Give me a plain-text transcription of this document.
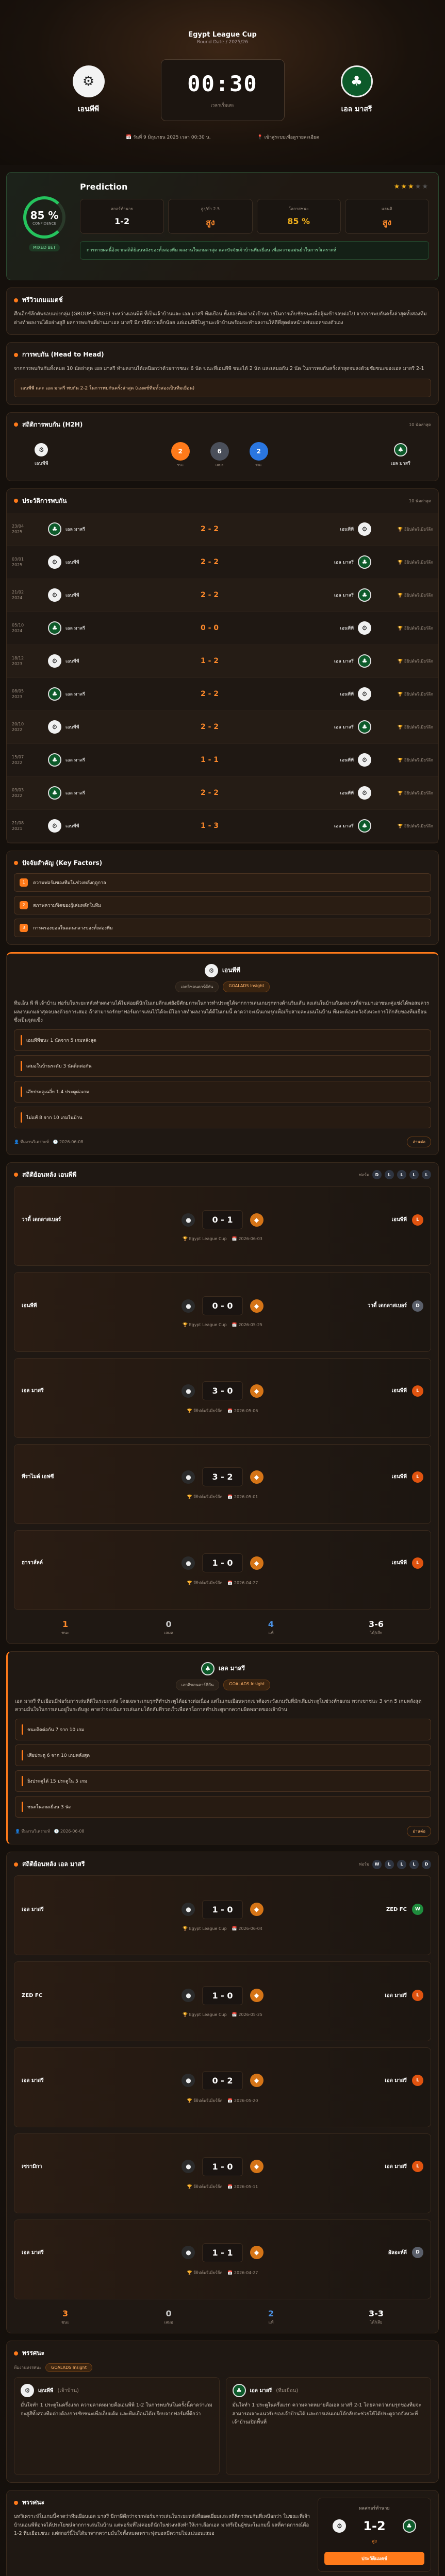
Egypt League Cup
Round Date / 2025/26
⚙
เอนพีพี
00:30
เวลาเริ่มเตะ
♣
เอล มาสรี
📅 วันที่ 9 มิถุนายน 2025 เวลา 00:30 น.	📍 เข้าสู่ระบบเพื่อดูรายละเอียด
85 %
CONFIDENCE
MIXED BET
Prediction	★★★★★
สกอร์ทำนาย
1-2
สูง/ต่ำ 2.5
สูง
โอกาสชนะ
85 %
แฮนดิ
สูง
การทายผลนี้อิงจากสถิติย้อนหลังของทั้งสองทีม ผลงานในเกมล่าสุด และปัจจัยเจ้าบ้านทีมเยือน เพื่อความแม่นยำในการวิเคราะห์
พรีวิวเกมแมตช์

ศึกเอ็กซ์ลีกคัพรอบแบ่งกลุ่ม (GROUP STAGE) ระหว่างเอนพีพี ที่เป็นเจ้าบ้านและ เอล มาสรี ทีมเยือน ทั้งสองทีมต่างมีเป้าหมายในการเก็บชัยชนะเพื่อลุ้นเข้ารอบต่อไป จากการพบกันครั้งล่าสุดทั้งสองทีมต่างทำผลงานได้อย่างสูสี ผลการพบกันที่ผ่านมาเอล มาสรี มีภาษีดีกว่าเล็กน้อย แต่เอนพีพีในฐานะเจ้าบ้านพร้อมจะทำผลงานให้ดีที่สุดต่อหน้าแฟนบอลของตัวเอง

การพบกัน (Head to Head)

จากการพบกันกันทั้งหมด 10 นัดล่าสุด เอล มาสรี ทำผลงานได้เหนือกว่าด้วยการชนะ 6 นัด ขณะที่เอนพีพี ชนะได้ 2 นัด และเสมอกัน 2 นัด ในการพบกันครั้งล่าสุดจบลงด้วยชัยชนะของเอล มาสรี 2-1

เอนพีพี และ เอล มาสรี พบกัน 2-2 ในการพบกันครั้งล่าสุด (แมตช์ทีมทั้งสองเป็นทีมเยือน)
สถิติการพบกัน (H2H)	10 นัดล่าสุด
⚙
เอนพีพี
2
ชนะ
6
เสมอ
2
ชนะ
♣
เอล มาสรี
ประวัติการพบกัน	10 นัดล่าสุด
23/04
2025	♣	เอล มาสรี	2 - 2	เอนพีพี	⚙	🏆 อียิปต์พรีเมียร์ลีก
03/01
2025	⚙	เอนพีพี	2 - 2	เอล มาสรี	♣	🏆 อียิปต์พรีเมียร์ลีก
21/02
2024	⚙	เอนพีพี	2 - 2	เอล มาสรี	♣	🏆 อียิปต์พรีเมียร์ลีก
05/10
2024	♣	เอล มาสรี	0 - 0	เอนพีพี	⚙	🏆 อียิปต์พรีเมียร์ลีก
18/12
2023	⚙	เอนพีพี	1 - 2	เอล มาสรี	♣	🏆 อียิปต์พรีเมียร์ลีก
08/05
2023	♣	เอล มาสรี	2 - 2	เอนพีพี	⚙	🏆 อียิปต์พรีเมียร์ลีก
20/10
2022	⚙	เอนพีพี	2 - 2	เอล มาสรี	♣	🏆 อียิปต์พรีเมียร์ลีก
15/07
2022	♣	เอล มาสรี	1 - 1	เอนพีพี	⚙	🏆 อียิปต์พรีเมียร์ลีก
03/03
2022	♣	เอล มาสรี	2 - 2	เอนพีพี	⚙	🏆 อียิปต์พรีเมียร์ลีก
21/08
2021	⚙	เอนพีพี	1 - 3	เอล มาสรี	♣	🏆 อียิปต์พรีเมียร์ลีก
ปัจจัยสำคัญ (Key Factors)
1	ความฟอร์มของทีมในช่วงหลังฤดูกาล
2	สภาพความฟิตของผู้เล่นหลักในทีม
3	การครองบอลในแดนกลางของทั้งสองทีม
⚙	เอนพีพี
เอกลิซอนคาร์ดีกัน	GOALADS Insight

ทีมเอ็น พี พี เจ้าบ้าน ฟอร์มในระยะหลังทำผลงานได้ไม่ค่อยดีนักในเกมลีกแต่ยังมีศักยภาพในการทำประตูได้จากการเล่นเกมรุกทางด้านริมเส้น ลงเล่นในบ้านกับผลงานที่ผ่านมาเอาชนะคู่แข่งได้พอสมควร ผลงานเกมล่าสุดจบลงด้วยการเสมอ ถ้าสามารถรักษาฟอร์มการเล่นไว้ได้จะมีโอกาสทำผลงานได้ดีในเกมนี้ คาดว่าจะเน้นเกมรุกเพื่อเก็บสามคะแนนในบ้าน ทีมจะต้องระวังจังหวะการโต้กลับของทีมเยือนซึ่งเป็นจุดแข็ง

เอนพีพีชนะ 1 นัดจาก 5 เกมหลังสุด
เสมอในบ้านระดับ 3 นัดติดต่อกัน
เสียประตูเฉลี่ย 1.4 ประตูต่อเกม
ไม่แพ้ 8 จาก 10 เกมในบ้าน
👤 ทีมงานวิเคราะห์   🕒 2026-06-08	อ่านต่อ
สถิติย้อนหลัง เอนพีพี	ฟอร์ม	D	L	L	L	L
วาดี้ เดกลาสเบอร์	●	0 - 1	◆	เอนพีพี	L
🏆 Egypt League Cup    📅 2026-06-03
เอนพีพี	●	0 - 0	◆	วาดี้ เดกลาสเบอร์	D
🏆 Egypt League Cup    📅 2026-05-25
เอล มาสรี	●	3 - 0	◆	เอนพีพี	L
🏆 อียิปต์พรีเมียร์ลีก    📅 2026-05-06
พีราไมด์ เอฟซี	●	3 - 2	◆	เอนพีพี	L
🏆 อียิปต์พรีเมียร์ลีก    📅 2026-05-01
ฮาราส์ลล์	●	1 - 0	◆	เอนพีพี	L
🏆 อียิปต์พรีเมียร์ลีก    📅 2026-04-27
1
ชนะ
0
เสมอ
4
แพ้
3-6
ได้/เสีย
♣	เอล มาสรี
เอกลิซอนคาร์ดีกัน	GOALADS Insight

เอล มาสรี ทีมเยือนมีฟอร์มการเล่นที่ดีในระยะหลัง โดยเฉพาะเกมรุกที่ทำประตูได้อย่างต่อเนื่อง แต่ในเกมเยือนพวกเขาต้องระวังเกมรับที่มักเสียประตูในช่วงท้ายเกม พวกเขาชนะ 3 จาก 5 เกมหลังสุด ความมั่นใจในการเล่นอยู่ในระดับสูง คาดว่าจะเน้นการเล่นเกมโต้กลับที่รวดเร็วเพื่อหาโอกาสทำประตูจากความผิดพลาดของเจ้าบ้าน

ชนะติดต่อกัน 7 จาก 10 เกม
เสียประตู 6 จาก 10 เกมหลังสุด
ยิงประตูได้ 15 ประตูใน 5 เกม
ชนะในเกมเยือน 3 นัด
👤 ทีมงานวิเคราะห์   🕒 2026-06-08	อ่านต่อ
สถิติย้อนหลัง เอล มาสรี	ฟอร์ม	W	L	L	L	D
เอล มาสรี	●	1 - 0	◆	ZED FC	W
🏆 Egypt League Cup    📅 2026-06-04
ZED FC	●	1 - 0	◆	เอล มาสรี	L
🏆 Egypt League Cup    📅 2026-05-25
เอล มาสรี	●	0 - 2	◆	เอล มาสรี	L
🏆 อียิปต์พรีเมียร์ลีก    📅 2026-05-20
เซรามิกา	●	1 - 0	◆	เอล มาสรี	L
🏆 อียิปต์พรีเมียร์ลีก    📅 2026-05-11
เอล มาสรี	●	1 - 1	◆	อัลอะห์ลี	D
🏆 อียิปต์พรีเมียร์ลีก    📅 2026-04-27
3
ชนะ
0
เสมอ
2
แพ้
3-3
ได้/เสีย
ทรรศนะ
ทีมงานทรรศนะ	GOALADS Insight
⚙	เอนพีพี (เจ้าบ้าน)

มั่นใจทำ 1 ประตูในครึ่งแรก ความคาดหมายคือเอนพีพี 1-2 ในการพบกันในครั้งนี้คาดว่าเกมจะสูสีทั้งสองทีมต่างต้องการชัยชนะเพื่อเก็บแต้ม และทีมเยือนได้เปรียบจากฟอร์มที่ดีกว่า

♣	เอล มาสรี (ทีมเยือน)

มั่นใจทำ 1 ประตูในครึ่งแรก ความคาดหมายคือเอล มาสรี 2-1 โดยคาดว่าเกมรุกของทีมจะสามารถเจาะแนวรับของเจ้าบ้านได้ และการเล่นเกมโต้กลับจะช่วยให้ได้ประตูจากจังหวะที่เจ้าบ้านเปิดพื้นที่

ทรรศนะ

บทวิเคราะห์ในเกมนี้คาดว่าทีมเยือนเอล มาสรี มีภาษีดีกว่าจากฟอร์มการเล่นในระยะหลังที่ยอดเยี่ยมและสถิติการพบกันที่เหนือกว่า ในขณะที่เจ้าบ้านเอนพีพีอาจได้ประโยชน์จากการเล่นในบ้าน แต่ฟอร์มที่ไม่ค่อยดีนักในช่วงหลังทำให้เราเลือกเอล มาสรีเป็นผู้ชนะในเกมนี้ ผลที่คาดการณ์คือ 1-2 ทีมเยือนชนะ แต่สกอร์นี้ไม่ได้มาจากความมั่นใจทั้งหมดเพราะฟุตบอลมีความไม่แน่นอนเสมอ

ผลสกอร์ทำนาย
⚙	1-2	♣
สูง
ประวัติแมตช์
